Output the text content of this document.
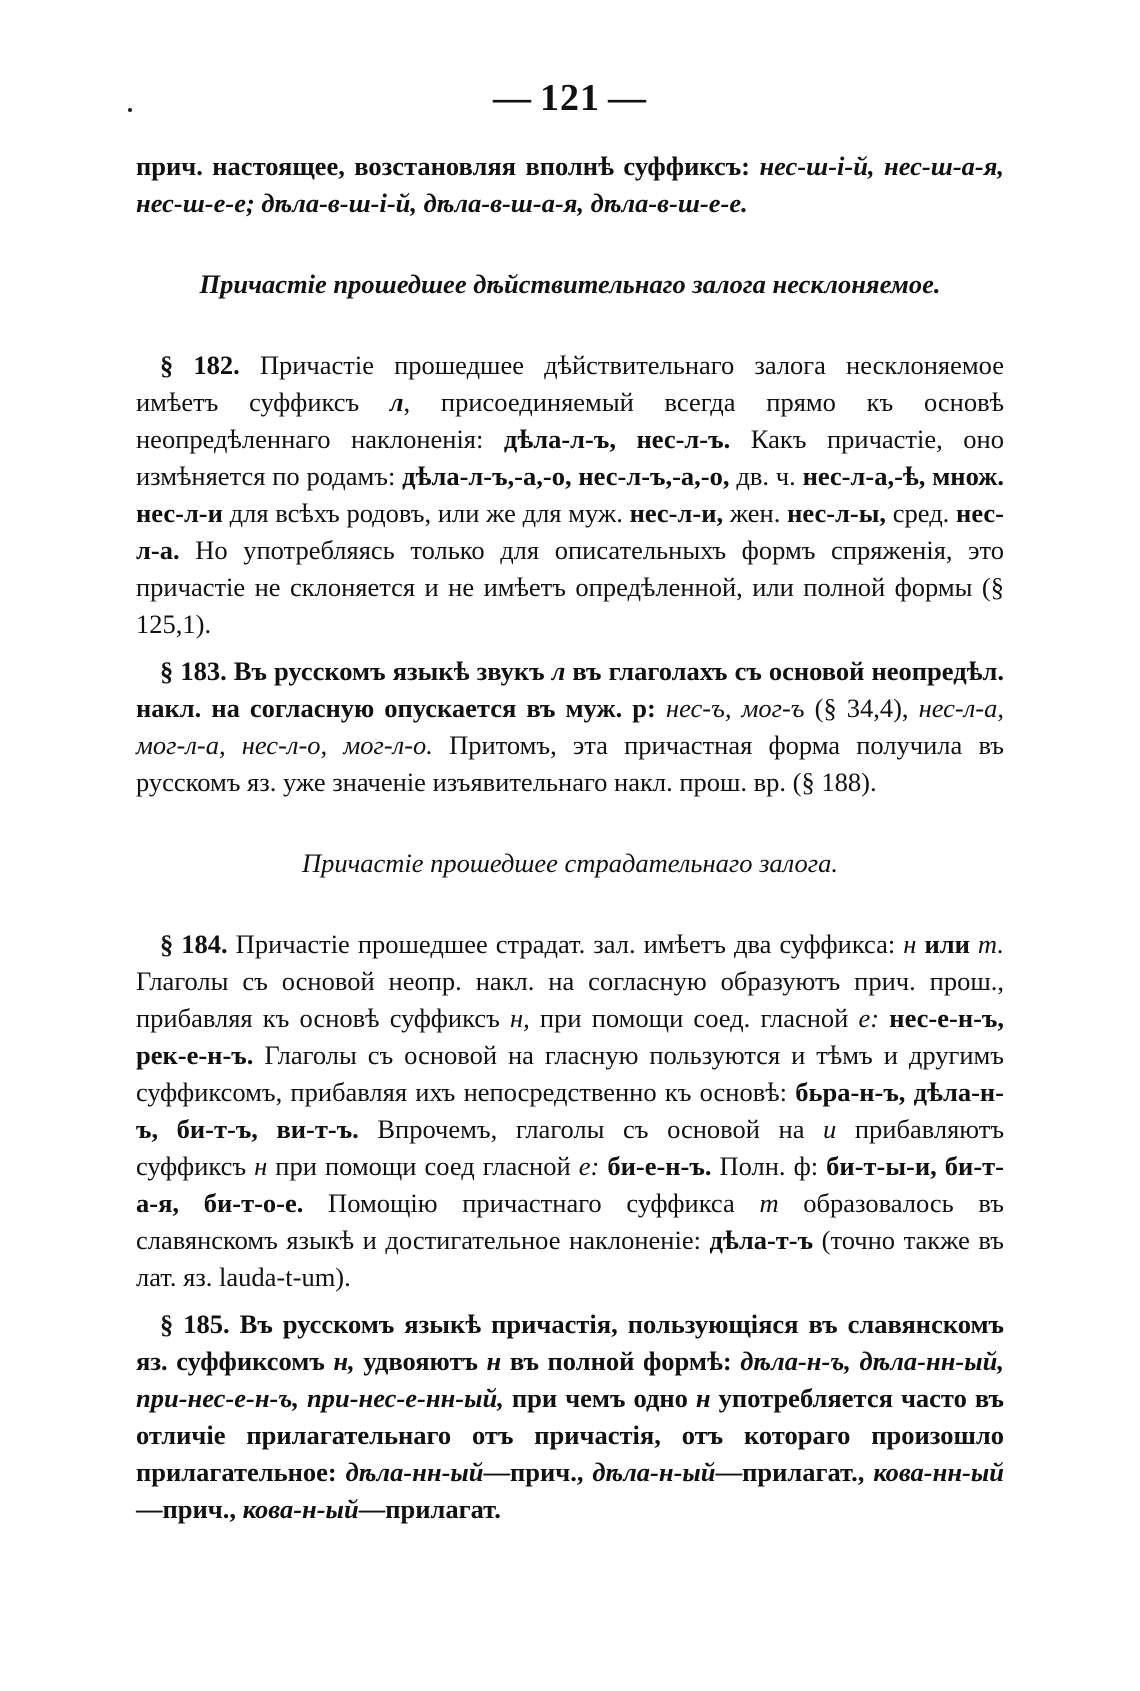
— 121 —

прич. настоящее, возстановляя вполнѣ суффиксъ: нес-ш-i-й, нес-ш-а-я, нес-ш-е-е; дѣла-в-ш-i-й, дѣла-в-ш-а-я, дѣла-в-ш-е-е.

Причастiе прошедшее дѣйствительнаго залога несклоняемое.

§ 182. Причастiе прошедшее дѣйствительнаго залога несклоняемое имѣетъ суффиксъ л, присоединяемый всегда прямо къ основѣ неопредѣленнаго наклоненiя: дѣла-л-ъ, нес-л-ъ. Какъ причастiе, оно измѣняется по родамъ: дѣла-л-ъ,-а,-о, нес-л-ъ,-а,-о, дв. ч. нес-л-а,-ѣ, множ. нес-л-и для всѣхъ родовъ, или же для муж. нес-л-и, жен. нес-л-ы, сред. нес-л-а. Но употребляясь только для описательныхъ формъ спряженiя, это причастiе не склоняется и не имѣетъ опредѣленной, или полной формы (§ 125,1).

§ 183. Въ русскомъ языкѣ звукъ л въ глаголахъ съ основой неопредѣл. накл. на согласную опускается въ муж. р: нес-ъ, мог-ъ (§ 34,4), нес-л-а, мог-л-а, нес-л-о, мог-л-о. Притомъ, эта причастная форма получила въ русскомъ яз. уже значенiе изъявительнаго накл. прош. вр. (§ 188).

Причастiе прошедшее страдательнаго залога.

§ 184. Причастiе прошедшее страдат. зал. имѣетъ два суффикса: н или т. Глаголы съ основой неопр. накл. на согласную образуютъ прич. прош., прибавляя къ основѣ суффиксъ н, при помощи соед. гласной е: нес-е-н-ъ, рек-е-н-ъ. Глаголы съ основой на гласную пользуются и тѣмъ и другимъ суффиксомъ, прибавляя ихъ непосредственно къ основѣ: бьра-н-ъ, дѣла-н-ъ, би-т-ъ, ви-т-ъ. Впрочемъ, глаголы съ основой на и прибавляютъ суффиксъ н при помощи соед гласной е: би-е-н-ъ. Полн. ф: би-т-ы-и, би-т-а-я, би-т-о-е. Помощiю причастнаго суффикса т образовалось въ славянскомъ языкѣ и достигательное наклоненiе: дѣла-т-ъ (точно также въ лат. яз. lauda-t-um).

§ 185. Въ русскомъ языкѣ причастiя, пользующiяся въ славянскомъ яз. суффиксомъ н, удвояютъ н въ полной формѣ: дѣла-н-ъ, дѣла-нн-ый, при-нес-е-н-ъ, при-нес-е-нн-ый, при чемъ одно н употребляется часто въ отличiе прилагательнаго отъ причастiя, отъ котораго произошло прилагательное: дѣла-нн-ый—прич., дѣла-н-ый—прилагат., кова-нн-ый—прич., кова-н-ый—прилагат.
